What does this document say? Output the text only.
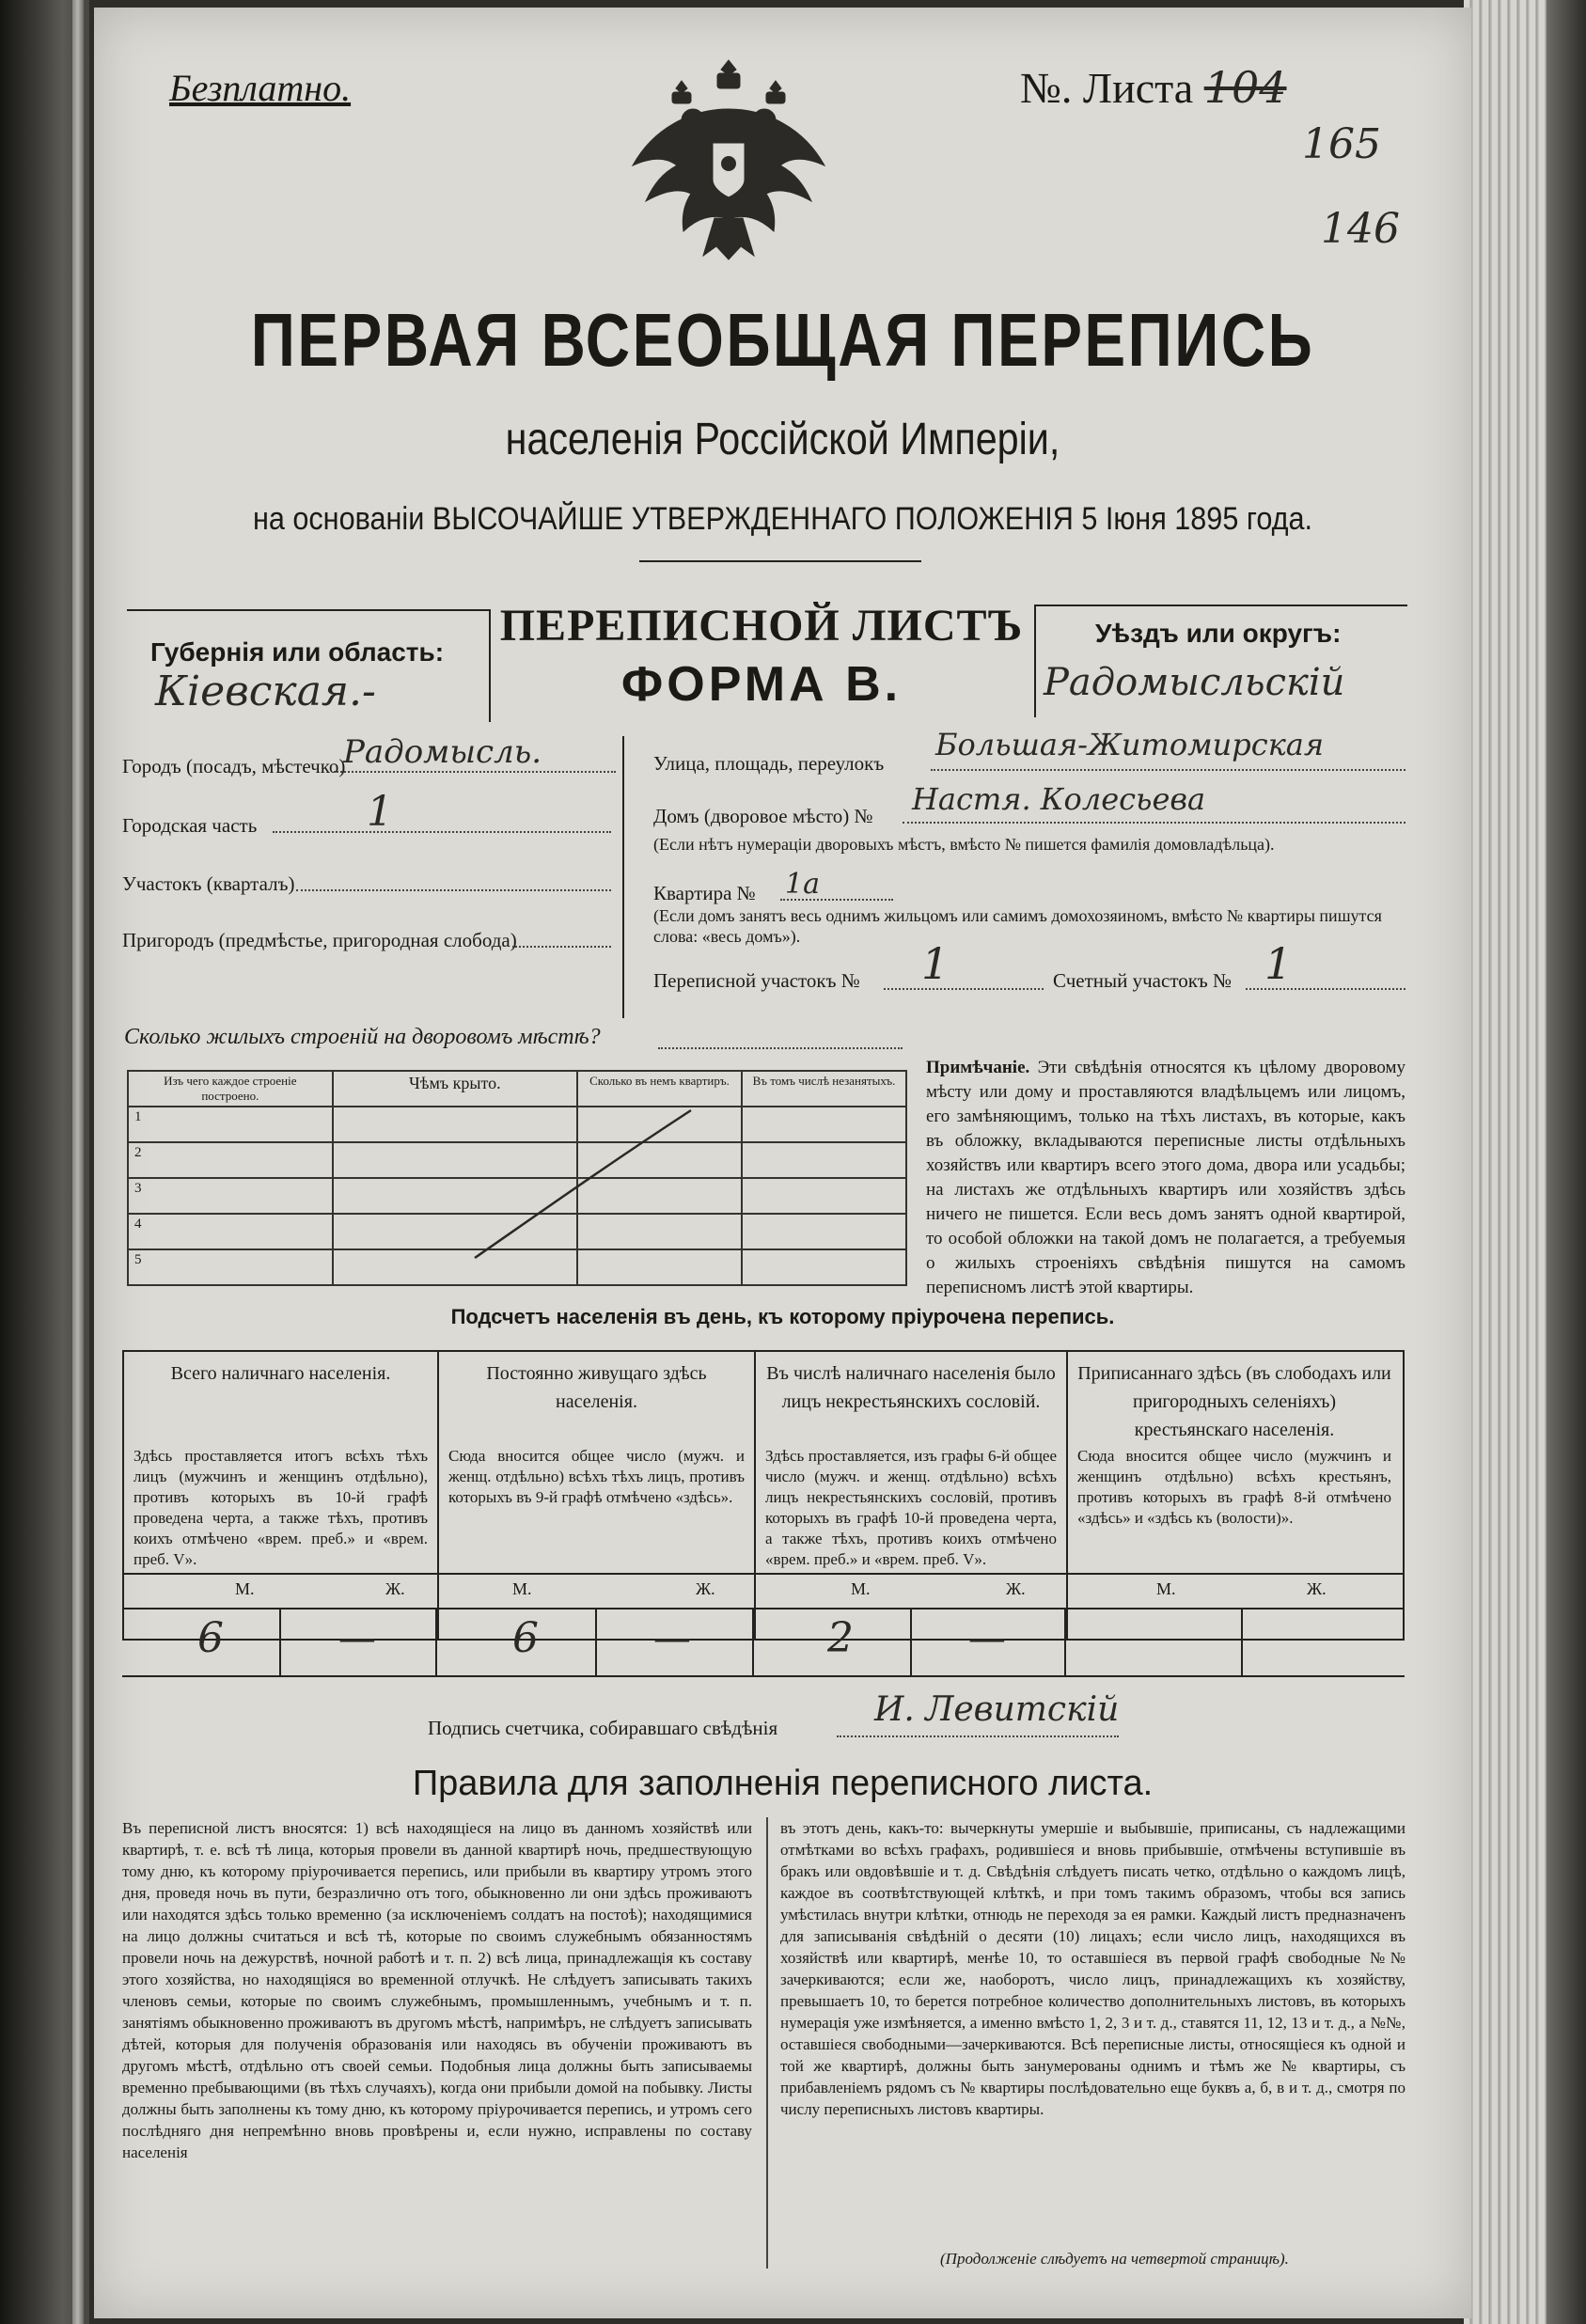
Безплатно.	№. Листа 104
165
146
ПЕРВАЯ ВСЕОБЩАЯ ПЕРЕПИСЬ
населенія Россійской Имперіи,
на основаніи ВЫСОЧАЙШЕ УТВЕРЖДЕННАГО ПОЛОЖЕНІЯ 5 Іюня 1895 года.
Губернія или область:
Кіевская.-
ПЕРЕПИСНОЙ ЛИСТЪ
ФОРМА В.
Уѣздъ или округъ:
Радомысльскій
Городъ (посадъ, мѣстечко)
Радомысль.
Городская часть	1
Участокъ (кварталъ)
Пригородъ (предмѣстье, пригородная слобода)
Улица, площадь, переулокъ
Большая-Житомирская
Домъ (дворовое мѣсто) № Настя. Колесьева
(Если нѣтъ нумераціи дворовыхъ мѣстъ, вмѣсто № пишется фамилія домовладѣльца).
Квартира № 1а
(Если домъ занятъ весь однимъ жильцомъ или самимъ домохозяиномъ, вмѣсто № квартиры пишутся слова: «весь домъ»).
Переписной участокъ № 1	Счетный участокъ № 1
Сколько жилыхъ строеній на дворовомъ мѣстѣ?
Изъ чего каждое строеніе построено.	Чѣмъ крыто.	Сколько въ немъ квартиръ.	Въ томъ числѣ незанятыхъ.
1			
2			
3			
4			
5			
Примѣчаніе. Эти свѣдѣнія относятся къ цѣлому дворовому мѣсту или дому и проставляются владѣльцемъ или лицомъ, его замѣняющимъ, только на тѣхъ листахъ, въ которые, какъ въ обложку, вкладываются переписные листы отдѣльныхъ хозяйствъ или квартиръ всего этого дома, двора или усадьбы; на листахъ же отдѣльныхъ квартиръ или хозяйствъ здѣсь ничего не пишется. Если весь домъ занятъ одной квартирой, то особой обложки на такой домъ не полагается, а требуемыя о жилыхъ строеніяхъ свѣдѣнія пишутся на самомъ переписномъ листѣ этой квартиры.
Подсчетъ населенія въ день, къ которому пріурочена перепись.
Всего наличнаго населенія.
Здѣсь проставляется итогъ всѣхъ тѣхъ лицъ (мужчинъ и женщинъ отдѣльно), противъ которыхъ въ 10-й графѣ проведена черта, а также тѣхъ, противъ коихъ отмѣчено «врем. преб.» и «врем. преб. V».
Постоянно живущаго здѣсь населенія.
Сюда вносится общее число (мужч. и женщ. отдѣльно) всѣхъ тѣхъ лицъ, противъ которыхъ въ 9-й графѣ отмѣчено «здѣсь».
Въ числѣ наличнаго населенія было лицъ некрестьянскихъ сословій.
Здѣсь проставляется, изъ графы 6-й общее число (мужч. и женщ. отдѣльно) всѣхъ лицъ некрестьянскихъ сословій, противъ которыхъ въ графѣ 10-й проведена черта, а также тѣхъ, противъ коихъ отмѣчено «врем. преб.» и «врем. преб. V».
Приписаннаго здѣсь (въ слободахъ или пригородныхъ селеніяхъ) крестьянскаго населенія.
Сюда вносится общее число (мужчинъ и женщинъ отдѣльно) всѣхъ крестьянъ, противъ которыхъ въ графѣ 8-й отмѣчено «здѣсь» и «здѣсь къ (волости)».
6	—	6	—	2	—
М.	Ж.	М.	Ж.	М.	Ж.	М.	Ж.
Подпись счетчика, собиравшаго свѣдѣнія	И. Левитскій
Правила для заполненія переписного листа.
Въ переписной листъ вносятся: 1) всѣ находящіеся на лицо въ данномъ хозяйствѣ или квартирѣ, т. е. всѣ тѣ лица, которыя провели въ данной квартирѣ ночь, предшествующую тому дню, къ которому пріурочивается перепись, или прибыли въ квартиру утромъ этого дня, проведя ночь въ пути, безразлично отъ того, обыкновенно ли они здѣсь проживаютъ или находятся здѣсь только временно (за исключеніемъ солдатъ на постоѣ); находящимися на лицо должны считаться и всѣ тѣ, которые по своимъ служебнымъ обязанностямъ провели ночь на дежурствѣ, ночной работѣ и т. п. 2) всѣ лица, принадлежащія къ составу этого хозяйства, но находящіяся во временной отлучкѣ. Не слѣдуетъ записывать такихъ членовъ семьи, которые по своимъ служебнымъ, промышленнымъ, учебнымъ и т. п. занятіямъ обыкновенно проживаютъ въ другомъ мѣстѣ, напримѣръ, не слѣдуетъ записывать дѣтей, которыя для полученія образованія или находясь въ обученіи проживаютъ въ другомъ мѣстѣ, отдѣльно отъ своей семьи. Подобныя лица должны быть записываемы временно пребывающими (въ тѣхъ случаяхъ), когда они прибыли домой на побывку. Листы должны быть заполнены къ тому дню, къ которому пріурочивается перепись, и утромъ сего послѣдняго дня непремѣнно вновь провѣрены и, если нужно, исправлены по составу населенія
въ этотъ день, какъ-то: вычеркнуты умершіе и выбывшіе, приписаны, съ надлежащими отмѣтками во всѣхъ графахъ, родившіеся и вновь прибывшіе, отмѣчены вступившіе въ бракъ или овдовѣвшіе и т. д. Свѣдѣнія слѣдуетъ писать четко, отдѣльно о каждомъ лицѣ, каждое въ соотвѣтствующей клѣткѣ, и при томъ такимъ образомъ, чтобы вся запись умѣстилась внутри клѣтки, отнюдь не переходя за ея рамки. Каждый листъ предназначенъ для записыванія свѣдѣній о десяти (10) лицахъ; если число лицъ, находящихся въ хозяйствѣ или квартирѣ, менѣе 10, то оставшіеся въ первой графѣ свободные №№ зачеркиваются; если же, наоборотъ, число лицъ, принадлежащихъ къ хозяйству, превышаетъ 10, то берется потребное количество дополнительныхъ листовъ, въ которыхъ нумерація уже измѣняется, а именно вмѣсто 1, 2, 3 и т. д., ставятся 11, 12, 13 и т. д., а №№, оставшіеся свободными—зачеркиваются. Всѣ переписные листы, относящіеся къ одной и той же квартирѣ, должны быть занумерованы однимъ и тѣмъ же № квартиры, съ прибавленіемъ рядомъ съ № квартиры послѣдовательно еще буквъ а, б, в и т. д., смотря по числу переписныхъ листовъ квартиры.
(Продолженіе слѣдуетъ на четвертой страницѣ).
